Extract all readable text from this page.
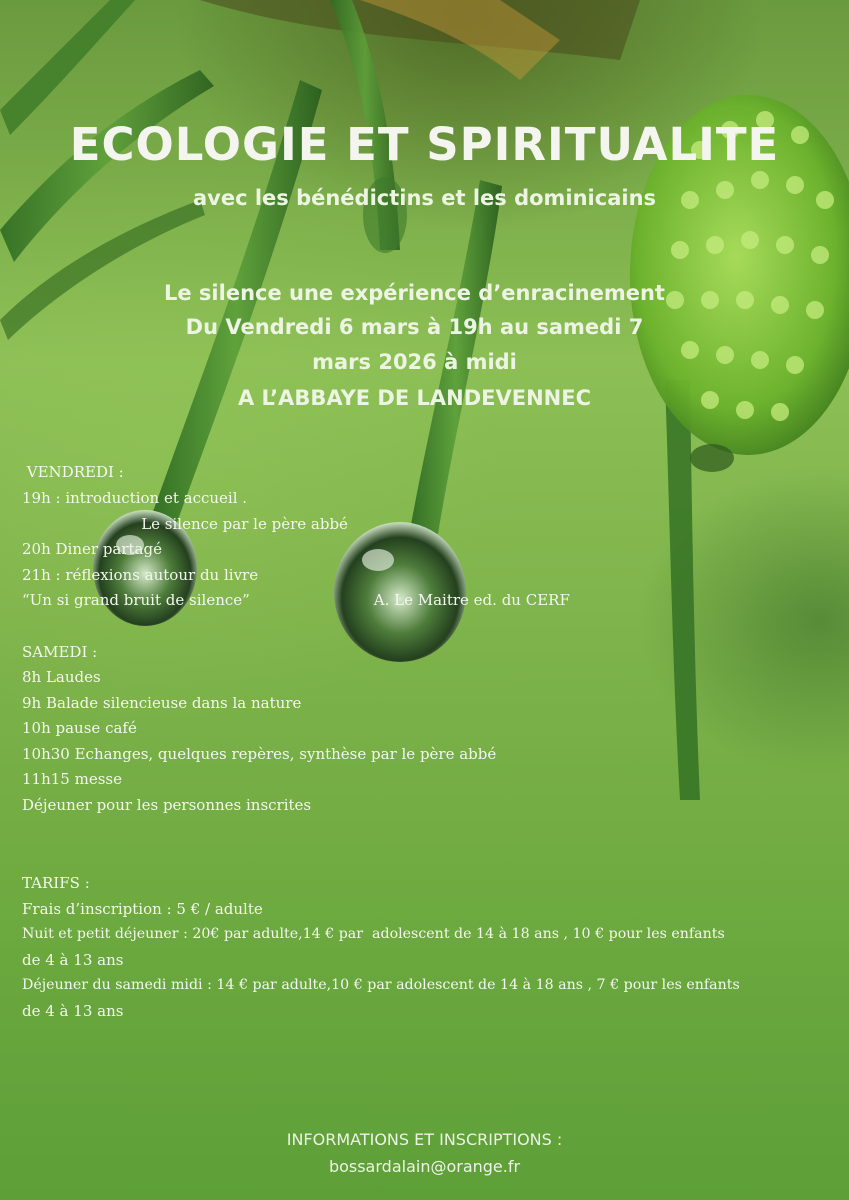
ECOLOGIE ET SPIRITUALITE
avec les bénédictins et les dominicains
Le silence une expérience d’enracinement
Du Vendredi 6 mars à 19h au samedi 7
mars 2026 à midi
A L’ABBAYE DE LANDEVENNEC
VENDREDI :
19h : introduction et accueil .
Le silence par le père abbé
20h Diner partagé
21h : réflexions autour du livre
“Un si grand bruit de silence”                          A. Le Maitre ed. du CERF
SAMEDI :
8h Laudes
9h Balade silencieuse dans la nature
10h pause café
10h30 Echanges, quelques repères, synthèse par le père abbé
11h15 messe
Déjeuner pour les personnes inscrites
TARIFS :
Frais d’inscription : 5 € / adulte
Nuit et petit déjeuner : 20€ par adulte,14 € par  adolescent de 14 à 18 ans , 10 € pour les enfants
de 4 à 13 ans
Déjeuner du samedi midi : 14 € par adulte,10 € par adolescent de 14 à 18 ans , 7 € pour les enfants
de 4 à 13 ans
INFORMATIONS ET INSCRIPTIONS :
bossardalain@orange.fr
